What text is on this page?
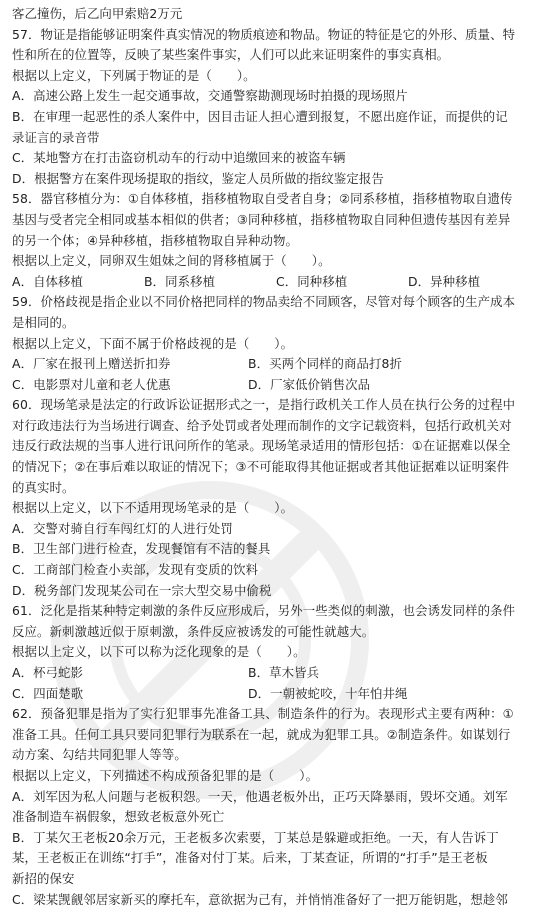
客乙撞伤，后乙向甲索赔2万元
57．物证是指能够证明案件真实情况的物质痕迹和物品。物证的特征是它的外形、质量、特
性和所在的位置等，反映了某些案件事实，人们可以此来证明案件的事实真相。
根据以上定义，下列属于物证的是（　　）。
A．高速公路上发生一起交通事故，交通警察勘测现场时拍摄的现场照片
B．在审理一起恶性的杀人案件中，因目击证人担心遭到报复，不愿出庭作证，而提供的记
录证言的录音带
C．某地警方在打击盗窃机动车的行动中追缴回来的被盗车辆
D．根据警方在案件现场提取的指纹，鉴定人员所做的指纹鉴定报告
58．器官移植分为：①自体移植，指移植物取自受者自身；②同系移植，指移植物取自遗传
基因与受者完全相同或基本相似的供者；③同种移植，指移植物取自同种但遗传基因有差异
的另一个体；④异种移植，指移植物取自异种动物。
根据以上定义，同卵双生姐妹之间的肾移植属于（　　）。
A．自体移植	B．同系移植	C．同种移植	D．异种移植
59．价格歧视是指企业以不同价格把同样的物品卖给不同顾客，尽管对每个顾客的生产成本
是相同的。
根据以上定义，下面不属于价格歧视的是（　　）。
A．厂家在报刊上赠送折扣券	B．买两个同样的商品打8折
C．电影票对儿童和老人优惠	D．厂家低价销售次品
60．现场笔录是法定的行政诉讼证据形式之一，是指行政机关工作人员在执行公务的过程中
对行政违法行为当场进行调查、给予处罚或者处理而制作的文字记载资料，包括行政机关对
违反行政法规的当事人进行讯问所作的笔录。现场笔录适用的情形包括：①在证据难以保全
的情况下；②在事后难以取证的情况下；③不可能取得其他证据或者其他证据难以证明案件
的真实时。
根据以上定义，以下不适用现场笔录的是（　　）。
A．交警对骑自行车闯红灯的人进行处罚
B．卫生部门进行检查，发现餐馆有不洁的餐具
C．工商部门检查小卖部，发现有变质的饮料
D．税务部门发现某公司在一宗大型交易中偷税
61．泛化是指某种特定刺激的条件反应形成后，另外一些类似的刺激，也会诱发同样的条件
反应。新刺激越近似于原刺激，条件反应被诱发的可能性就越大。
根据以上定义，以下可以称为泛化现象的是（　　）。
A．杯弓蛇影	B．草木皆兵
C．四面楚歌	D．一朝被蛇咬，十年怕井绳
62．预备犯罪是指为了实行犯罪事先准备工具、制造条件的行为。表现形式主要有两种：①
准备工具。任何工具只要同犯罪行为联系在一起，就成为犯罪工具。②制造条件。如谋划行
动方案、勾结共同犯罪人等等。
根据以上定义，下列描述不构成预备犯罪的是（　　）。
A．刘军因为私人问题与老板积怨。一天，他遇老板外出，正巧天降暴雨，毁坏交通。刘军
准备制造车祸假象，想致老板意外死亡
B．丁某欠王老板20余万元，王老板多次索要，丁某总是躲避或拒绝。一天，有人告诉丁
某，王老板正在训练“打手”，准备对付丁某。后来，丁某查证，所谓的“打手”是王老板
新招的保安
C．梁某觊觎邻居家新买的摩托车，意欲据为己有，并悄悄准备好了一把万能钥匙，想趁邻
